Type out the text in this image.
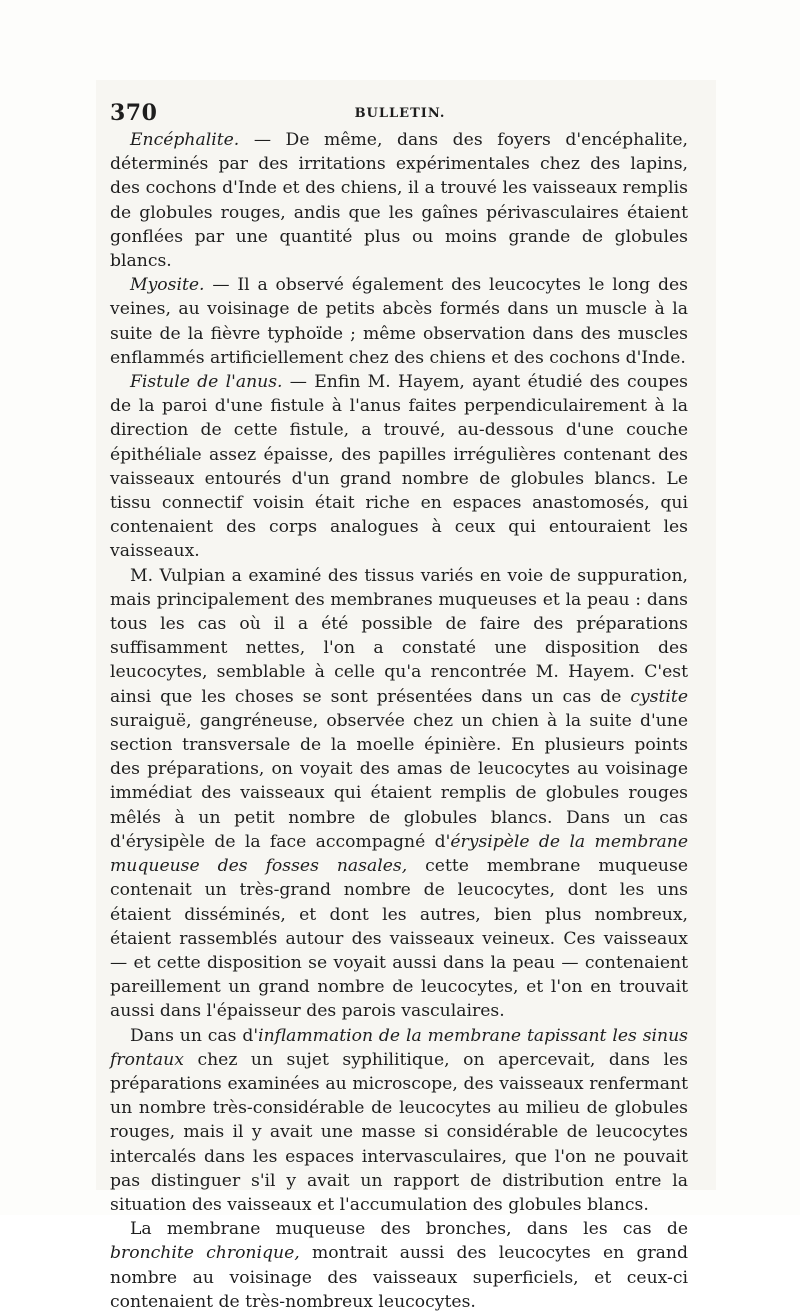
370	BULLETIN.

Encéphalite. — De même, dans des foyers d'encéphalite, déterminés par des irritations expérimentales chez des lapins, des cochons d'Inde et des chiens, il a trouvé les vaisseaux remplis de globules rouges, andis que les gaînes périvasculaires étaient gonflées par une quantité plus ou moins grande de globules blancs.

Myosite. — Il a observé également des leucocytes le long des veines, au voisinage de petits abcès formés dans un muscle à la suite de la fièvre typhoïde ; même observation dans des muscles enflammés artificiellement chez des chiens et des cochons d'Inde.

Fistule de l'anus. — Enfin M. Hayem, ayant étudié des coupes de la paroi d'une fistule à l'anus faites perpendiculairement à la direction de cette fistule, a trouvé, au-dessous d'une couche épithéliale assez épaisse, des papilles irrégulières contenant des vaisseaux entourés d'un grand nombre de globules blancs. Le tissu connectif voisin était riche en espaces anastomosés, qui contenaient des corps analogues à ceux qui entouraient les vaisseaux.

M. Vulpian a examiné des tissus variés en voie de suppuration, mais principalement des membranes muqueuses et la peau : dans tous les cas où il a été possible de faire des préparations suffisamment nettes, l'on a constaté une disposition des leucocytes, semblable à celle qu'a rencontrée M. Hayem. C'est ainsi que les choses se sont présentées dans un cas de cystite suraiguë, gangréneuse, observée chez un chien à la suite d'une section transversale de la moelle épinière. En plusieurs points des préparations, on voyait des amas de leucocytes au voisinage immédiat des vaisseaux qui étaient remplis de globules rouges mêlés à un petit nombre de globules blancs. Dans un cas d'érysipèle de la face accompagné d'érysipèle de la membrane muqueuse des fosses nasales, cette membrane muqueuse contenait un très-grand nombre de leucocytes, dont les uns étaient disséminés, et dont les autres, bien plus nombreux, étaient rassemblés autour des vaisseaux veineux. Ces vaisseaux — et cette disposition se voyait aussi dans la peau — contenaient pareillement un grand nombre de leucocytes, et l'on en trouvait aussi dans l'épaisseur des parois vasculaires.

Dans un cas d'inflammation de la membrane tapissant les sinus frontaux chez un sujet syphilitique, on apercevait, dans les préparations examinées au microscope, des vaisseaux renfermant un nombre très-considérable de leucocytes au milieu de globules rouges, mais il y avait une masse si considérable de leucocytes intercalés dans les espaces intervasculaires, que l'on ne pouvait pas distinguer s'il y avait un rapport de distribution entre la situation des vaisseaux et l'accumulation des globules blancs.

La membrane muqueuse des bronches, dans les cas de bronchite chronique, montrait aussi des leucocytes en grand nombre au voisinage des vaisseaux superficiels, et ceux-ci contenaient de très-nombreux leucocytes.
